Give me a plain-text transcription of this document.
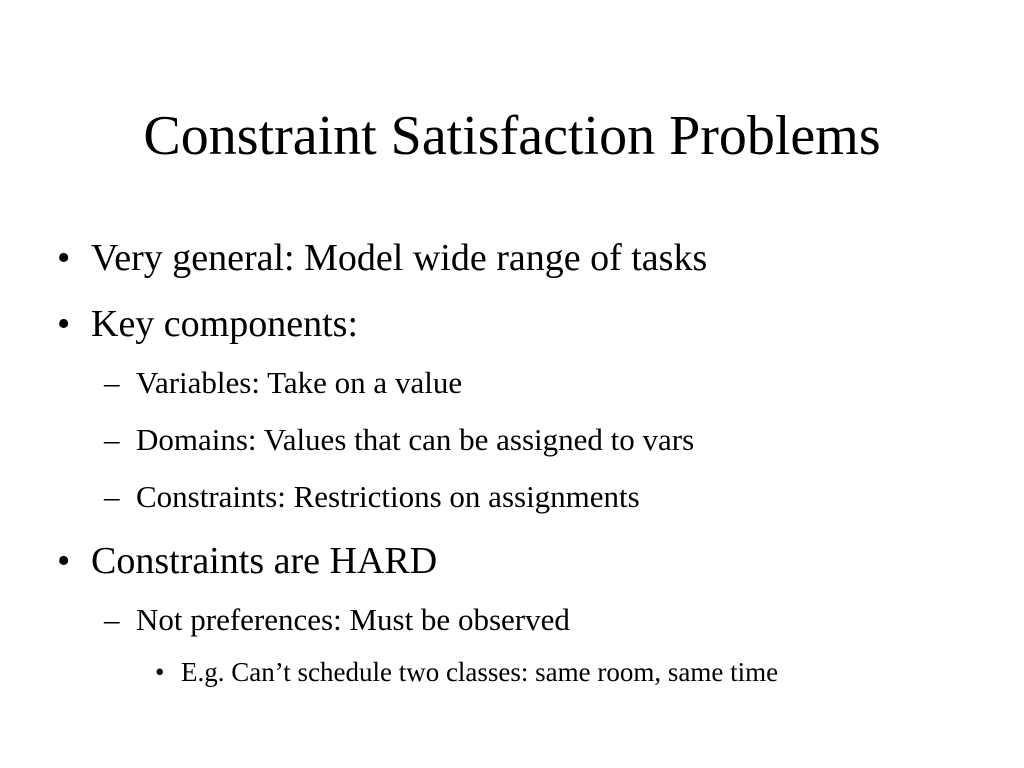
Constraint Satisfaction Problems
• Very general: Model wide range of tasks
• Key components:
– Variables: Take on a value
– Domains: Values that can be assigned to vars
– Constraints: Restrictions on assignments
• Constraints are HARD
– Not preferences: Must be observed
• E.g. Can’t schedule two classes: same room, same time
